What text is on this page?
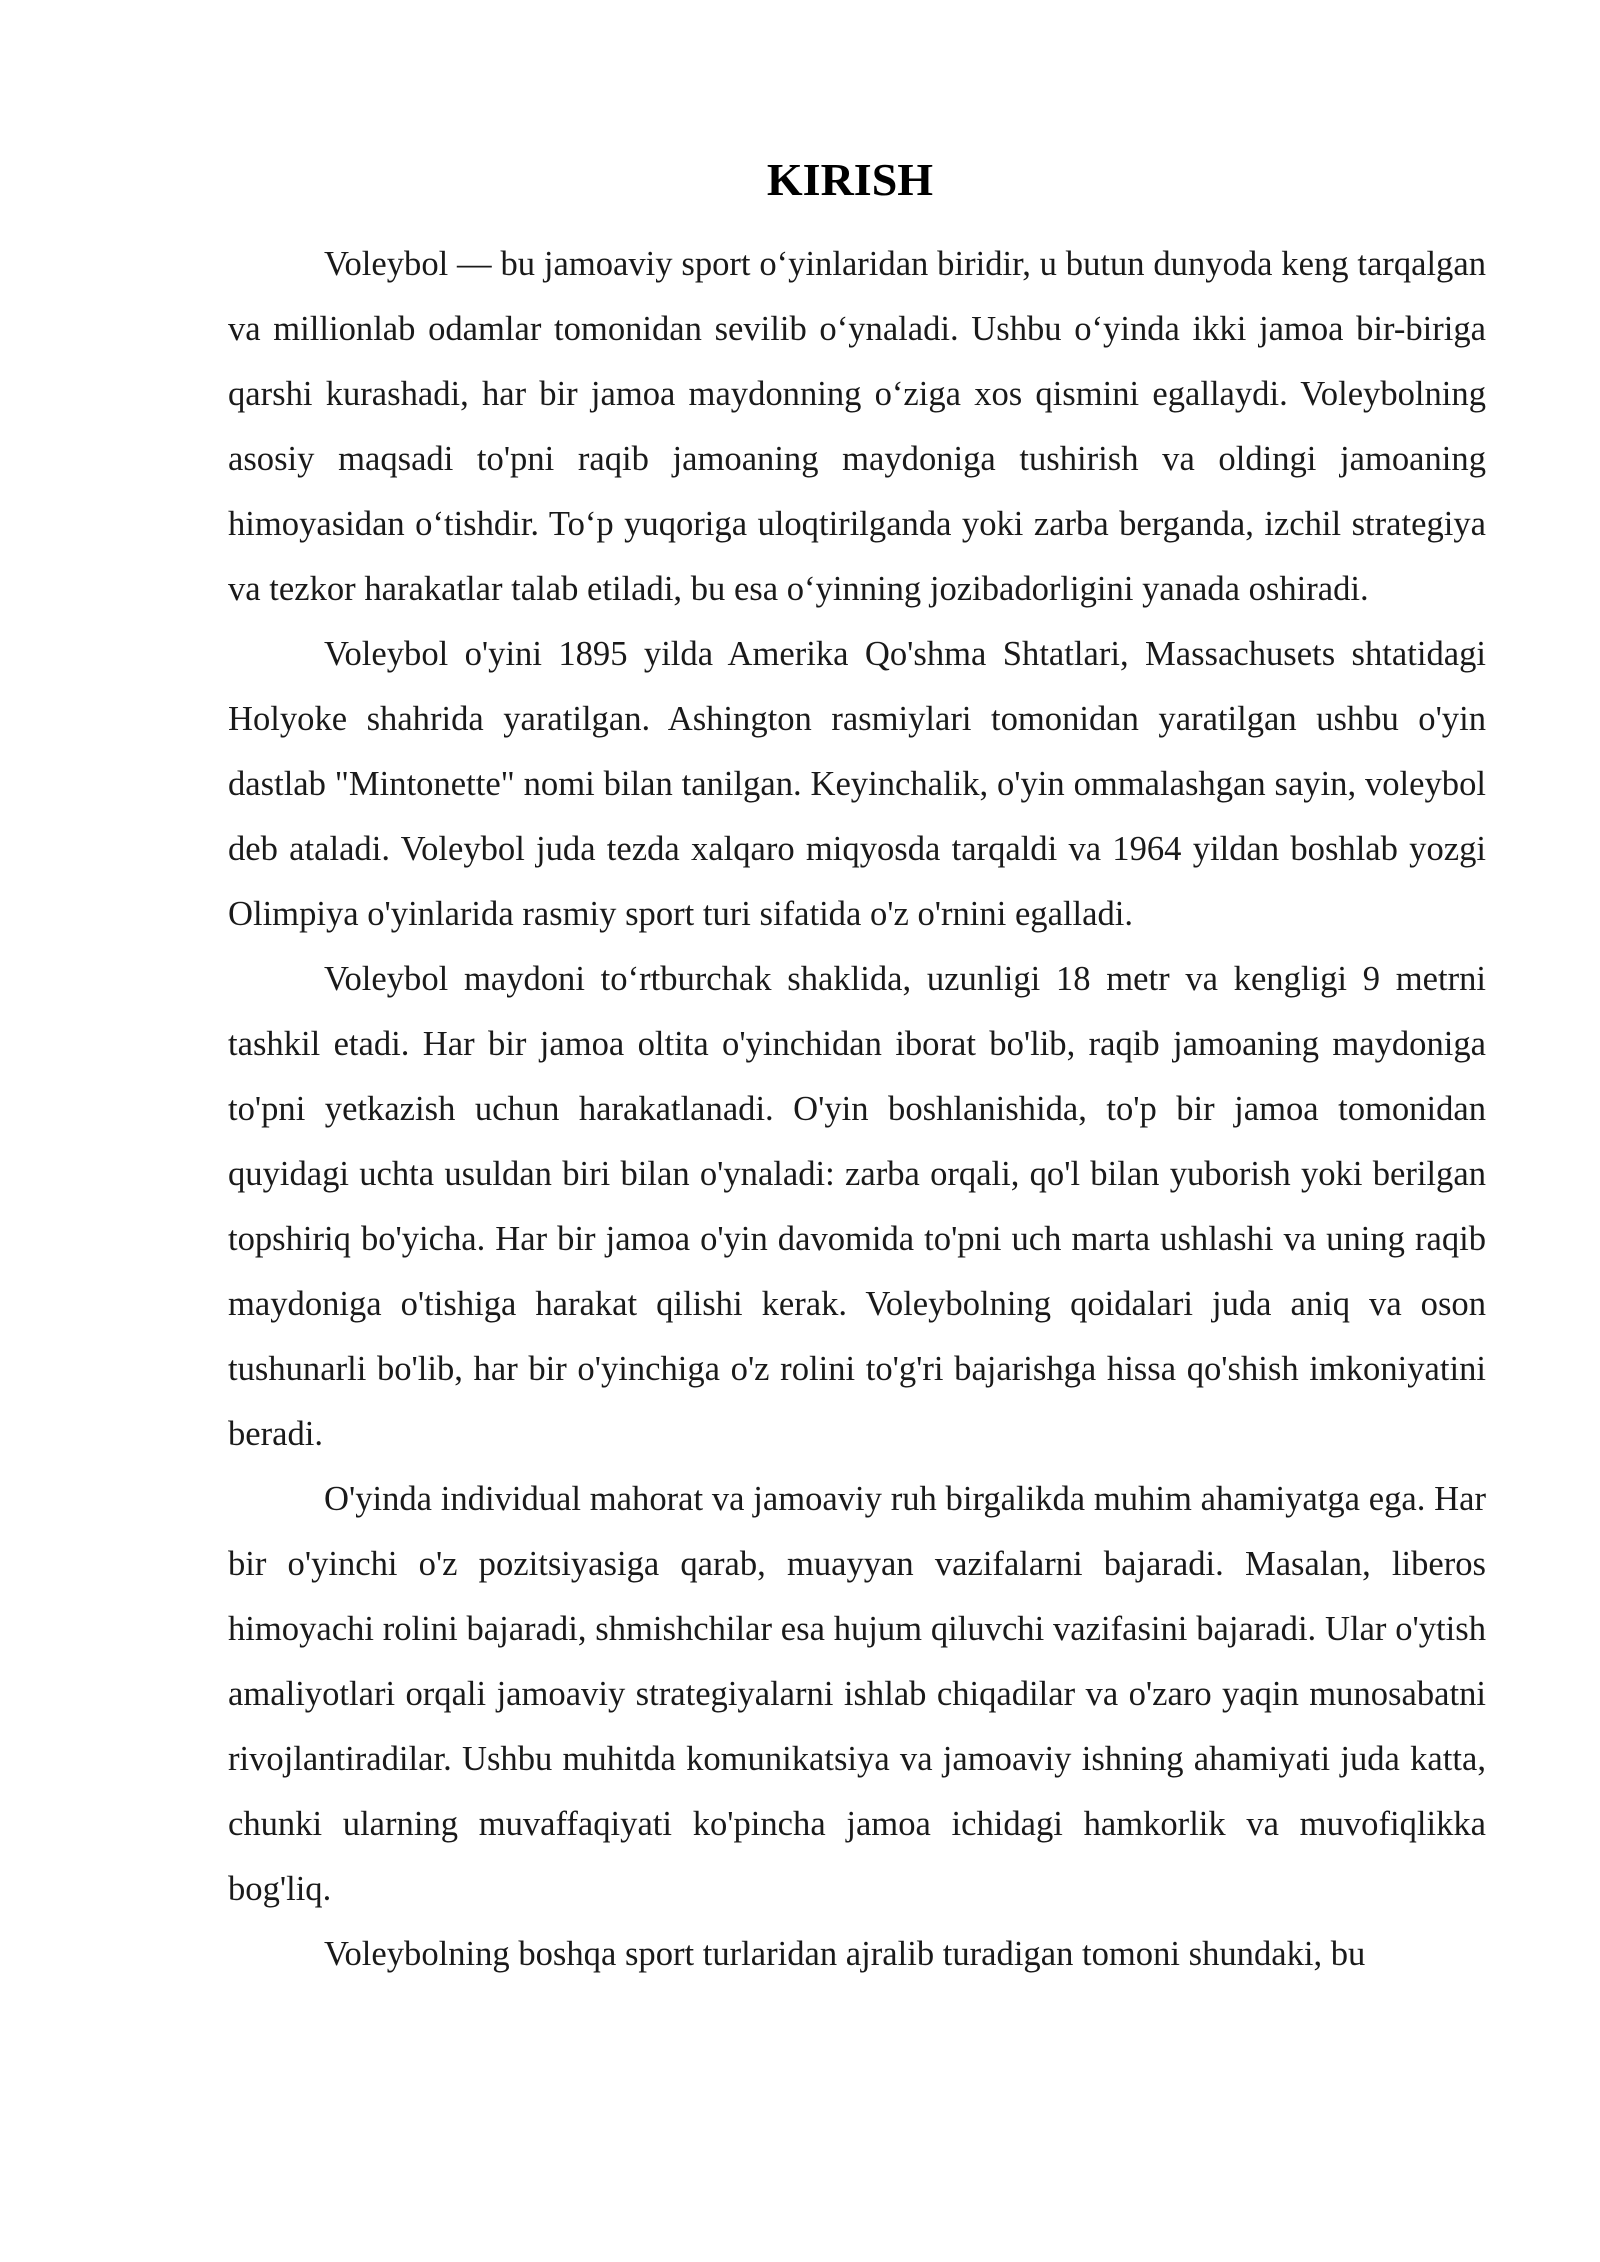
KIRISH

Voleybol — bu jamoaviy sport o‘yinlaridan biridir, u butun dunyoda keng tarqalgan va millionlab odamlar tomonidan sevilib o‘ynaladi. Ushbu o‘yinda ikki jamoa bir-biriga qarshi kurashadi, har bir jamoa maydonning o‘ziga xos qismini egallaydi. Voleybolning asosiy maqsadi to'pni raqib jamoaning maydoniga tushirish va oldingi jamoaning himoyasidan o‘tishdir. To‘p yuqoriga uloqtirilganda yoki zarba berganda, izchil strategiya va tezkor harakatlar talab etiladi, bu esa o‘yinning jozibadorligini yanada oshiradi.

Voleybol o'yini 1895 yilda Amerika Qo'shma Shtatlari, Massachusets shtatidagi Holyoke shahrida yaratilgan. Ashington rasmiylari tomonidan yaratilgan ushbu o'yin dastlab "Mintonette" nomi bilan tanilgan. Keyinchalik, o'yin ommalashgan sayin, voleybol deb ataladi. Voleybol juda tezda xalqaro miqyosda tarqaldi va 1964 yildan boshlab yozgi Olimpiya o'yinlarida rasmiy sport turi sifatida o'z o'rnini egalladi.

Voleybol maydoni to‘rtburchak shaklida, uzunligi 18 metr va kengligi 9 metrni tashkil etadi. Har bir jamoa oltita o'yinchidan iborat bo'lib, raqib jamoaning maydoniga to'pni yetkazish uchun harakatlanadi. O'yin boshlanishida, to'p bir jamoa tomonidan quyidagi uchta usuldan biri bilan o'ynaladi: zarba orqali, qo'l bilan yuborish yoki berilgan topshiriq bo'yicha. Har bir jamoa o'yin davomida to'pni uch marta ushlashi va uning raqib maydoniga o'tishiga harakat qilishi kerak. Voleybolning qoidalari juda aniq va oson tushunarli bo'lib, har bir o'yinchiga o'z rolini to'g'ri bajarishga hissa qo'shish imkoniyatini beradi.

O'yinda individual mahorat va jamoaviy ruh birgalikda muhim ahamiyatga ega. Har bir o'yinchi o'z pozitsiyasiga qarab, muayyan vazifalarni bajaradi. Masalan, liberos himoyachi rolini bajaradi, shmishchilar esa hujum qiluvchi vazifasini bajaradi. Ular o'ytish amaliyotlari orqali jamoaviy strategiyalarni ishlab chiqadilar va o'zaro yaqin munosabatni rivojlantiradilar. Ushbu muhitda komunikatsiya va jamoaviy ishning ahamiyati juda katta, chunki ularning muvaffaqiyati ko'pincha jamoa ichidagi hamkorlik va muvofiqlikka bog'liq.

Voleybolning boshqa sport turlaridan ajralib turadigan tomoni shundaki, bu
